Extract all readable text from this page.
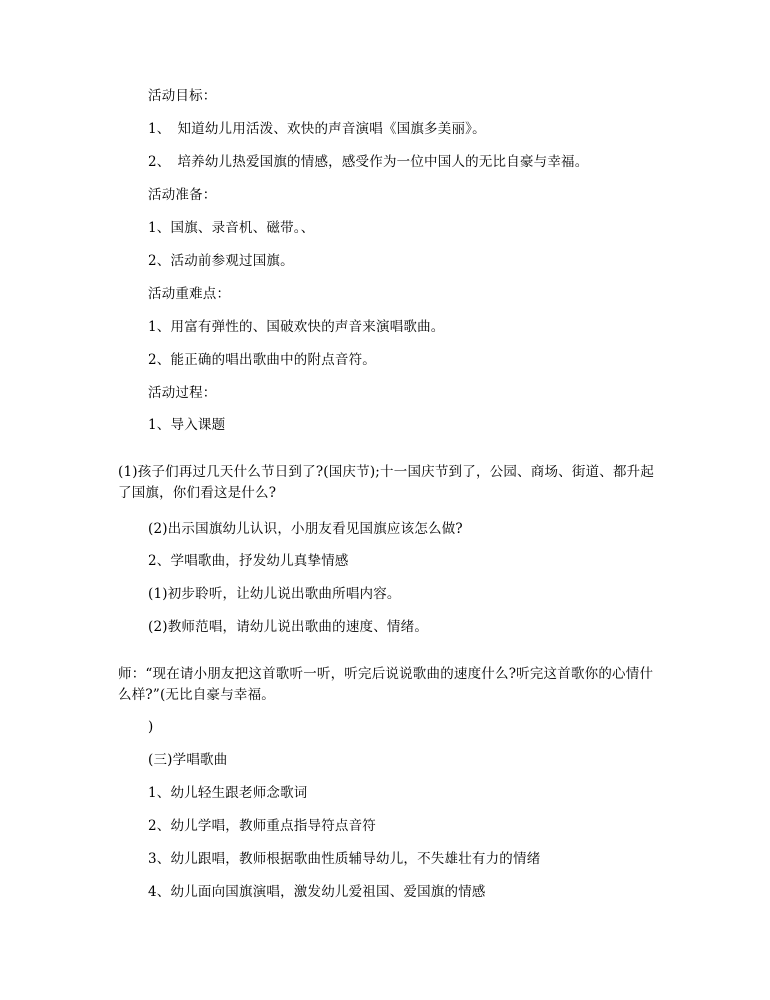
活动目标：
1、　知道幼儿用活泼、欢快的声音演唱《国旗多美丽》。
2、　培养幼儿热爱国旗的情感，感受作为一位中国人的无比自豪与幸福。
活动准备：
1、国旗、录音机、磁带。、
2、活动前参观过国旗。
活动重难点：
1、用富有弹性的、国破欢快的声音来演唱歌曲。
2、能正确的唱出歌曲中的附点音符。
活动过程：
1、导入课题
(1)孩子们再过几天什么节日到了?(国庆节);十一国庆节到了，公园、商场、街道、都升起了国旗，你们看这是什么?
(2)出示国旗幼儿认识，小朋友看见国旗应该怎么做?
2、学唱歌曲，抒发幼儿真挚情感
(1)初步聆听，让幼儿说出歌曲所唱内容。
(2)教师范唱，请幼儿说出歌曲的速度、情绪。
师：“现在请小朋友把这首歌听一听，听完后说说歌曲的速度什么?听完这首歌你的心情什么样?”(无比自豪与幸福。
)
(三)学唱歌曲
1、幼儿轻生跟老师念歌词
2、幼儿学唱，教师重点指导符点音符
3、幼儿跟唱，教师根据歌曲性质辅导幼儿，不失雄壮有力的情绪
4、幼儿面向国旗演唱，激发幼儿爱祖国、爱国旗的情感
